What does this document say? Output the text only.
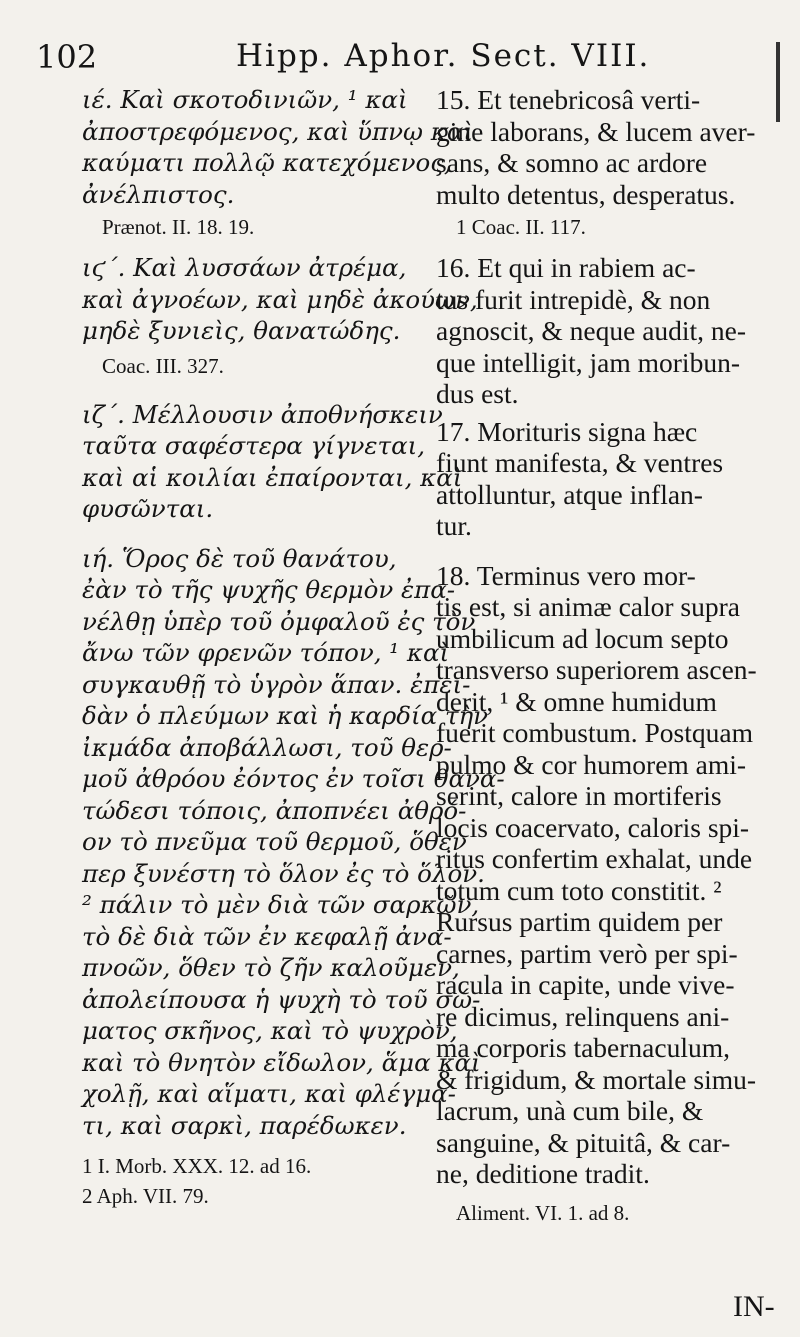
102	Hipp. Aphor. Sect. VIII.
ιέ. Καὶ σκοτοδινιῶν, ¹ καὶ
ἀποστρεφόμενος, καὶ ὕπνῳ καὶ
καύματι πολλῷ κατεχόμενος,
ἀνέλπιστος.
Prænot. II. 18. 19.
ιϛ΄. Καὶ λυσσάων ἀτρέμα,
καὶ ἀγνοέων, καὶ μηδὲ ἀκούων,
μηδὲ ξυνιεὶς, θανατώδης.
Coac. III. 327.
ιζ΄. Μέλλουσιν ἀποθνήσκειν
ταῦτα σαφέστερα γίγνεται,
καὶ αἱ κοιλίαι ἐπαίρονται, καὶ
φυσῶνται.
ιή. Ὅρος δὲ τοῦ θανάτου,
ἐὰν τὸ τῆς ψυχῆς θερμὸν ἐπα-
νέλθῃ ὑπὲρ τοῦ ὀμφαλοῦ ἐς τὸν
ἄνω τῶν φρενῶν τόπον, ¹ καὶ
συγκαυθῇ τὸ ὑγρὸν ἅπαν. ἐπει-
δὰν ὁ πλεύμων καὶ ἡ καρδία τὴν
ἰκμάδα ἀποβάλλωσι, τοῦ θερ-
μοῦ ἀθρόου ἐόντος ἐν τοῖσι θανα-
τώδεσι τόποις, ἀποπνέει ἀθρό-
ον τὸ πνεῦμα τοῦ θερμοῦ, ὅθεν
περ ξυνέστη τὸ ὅλον ἐς τὸ ὅλον.
² πάλιν τὸ μὲν διὰ τῶν σαρκῶν,
τὸ δὲ διὰ τῶν ἐν κεφαλῇ ἀνα-
πνοῶν, ὅθεν τὸ ζῆν καλοῦμεν,
ἀπολείπουσα ἡ ψυχὴ τὸ τοῦ σώ-
ματος σκῆνος, καὶ τὸ ψυχρὸν,
καὶ τὸ θνητὸν εἴδωλον, ἅμα καὶ
χολῇ, καὶ αἵματι, καὶ φλέγμα-
τι, καὶ σαρκὶ, παρέδωκεν.
1 I. Morb. XXX. 12. ad 16.
2 Aph. VII. 79.
15. Et tenebricosâ verti-
gine laborans, & lucem aver-
sans, & somno ac ardore
multo detentus, desperatus.
1 Coac. II. 117.
16. Et qui in rabiem ac-
tus furit intrepidè, & non
agnoscit, & neque audit, ne-
que intelligit, jam moribun-
dus est.
17. Morituris signa hæc
fiunt manifesta, & ventres
attolluntur, atque inflan-
tur.
18. Terminus vero mor-
tis est, si animæ calor supra
umbilicum ad locum septo
transverso superiorem ascen-
derit, ¹ & omne humidum
fuerit combustum. Postquam
pulmo & cor humorem ami-
serint, calore in mortiferis
locis coacervato, caloris spi-
ritus confertim exhalat, unde
totum cum toto constitit. ²
Rursus partim quidem per
carnes, partim verò per spi-
racula in capite, unde vive-
re dicimus, relinquens ani-
ma corporis tabernaculum,
& frigidum, & mortale simu-
lacrum, unà cum bile, &
sanguine, & pituitâ, & car-
ne, deditione tradit.
Aliment. VI. 1. ad 8.
IN-
